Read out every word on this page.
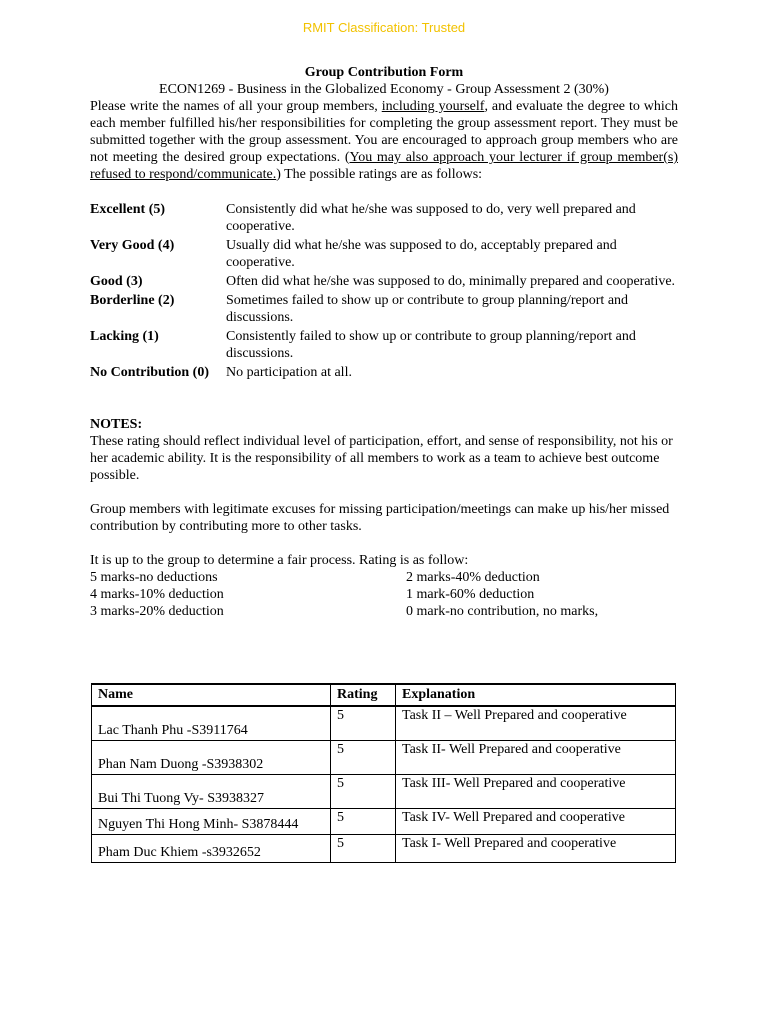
RMIT Classification: Trusted

Group Contribution Form

ECON1269 - Business in the Globalized Economy - Group Assessment 2 (30%)

Please write the names of all your group members, including yourself, and evaluate the degree to which each member fulfilled his/her responsibilities for completing the group assessment report. They must be submitted together with the group assessment. You are encouraged to approach group members who are not meeting the desired group expectations. (You may also approach your lecturer if group member(s) refused to respond/communicate.) The possible ratings are as follows:

Excellent (5)	Consistently did what he/she was supposed to do, very well prepared and cooperative.
Very Good (4)	Usually did what he/she was supposed to do, acceptably prepared and cooperative.
Good (3)	Often did what he/she was supposed to do, minimally prepared and cooperative.
Borderline (2)	Sometimes failed to show up or contribute to group planning/report and discussions.
Lacking (1)	Consistently failed to show up or contribute to group planning/report and discussions.
No Contribution (0)	No participation at all.

NOTES:

These rating should reflect individual level of participation, effort, and sense of responsibility, not his or her academic ability. It is the responsibility of all members to work as a team to achieve best outcome possible.

Group members with legitimate excuses for missing participation/meetings can make up his/her missed contribution by contributing more to other tasks.

It is up to the group to determine a fair process. Rating is as follow:

5 marks-no deductions	2 marks-40% deduction
4 marks-10% deduction	1 mark-60% deduction
3 marks-20% deduction	0 mark-no contribution, no marks,
Name	Rating	Explanation
Lac Thanh Phu -S3911764	5	Task II – Well Prepared and cooperative
Phan Nam Duong -S3938302	5	Task II- Well Prepared and cooperative
Bui Thi Tuong Vy- S3938327	5	Task III- Well Prepared and cooperative
Nguyen Thi Hong Minh- S3878444	5	Task IV- Well Prepared and cooperative
Pham Duc Khiem -s3932652	5	Task I- Well Prepared and cooperative
